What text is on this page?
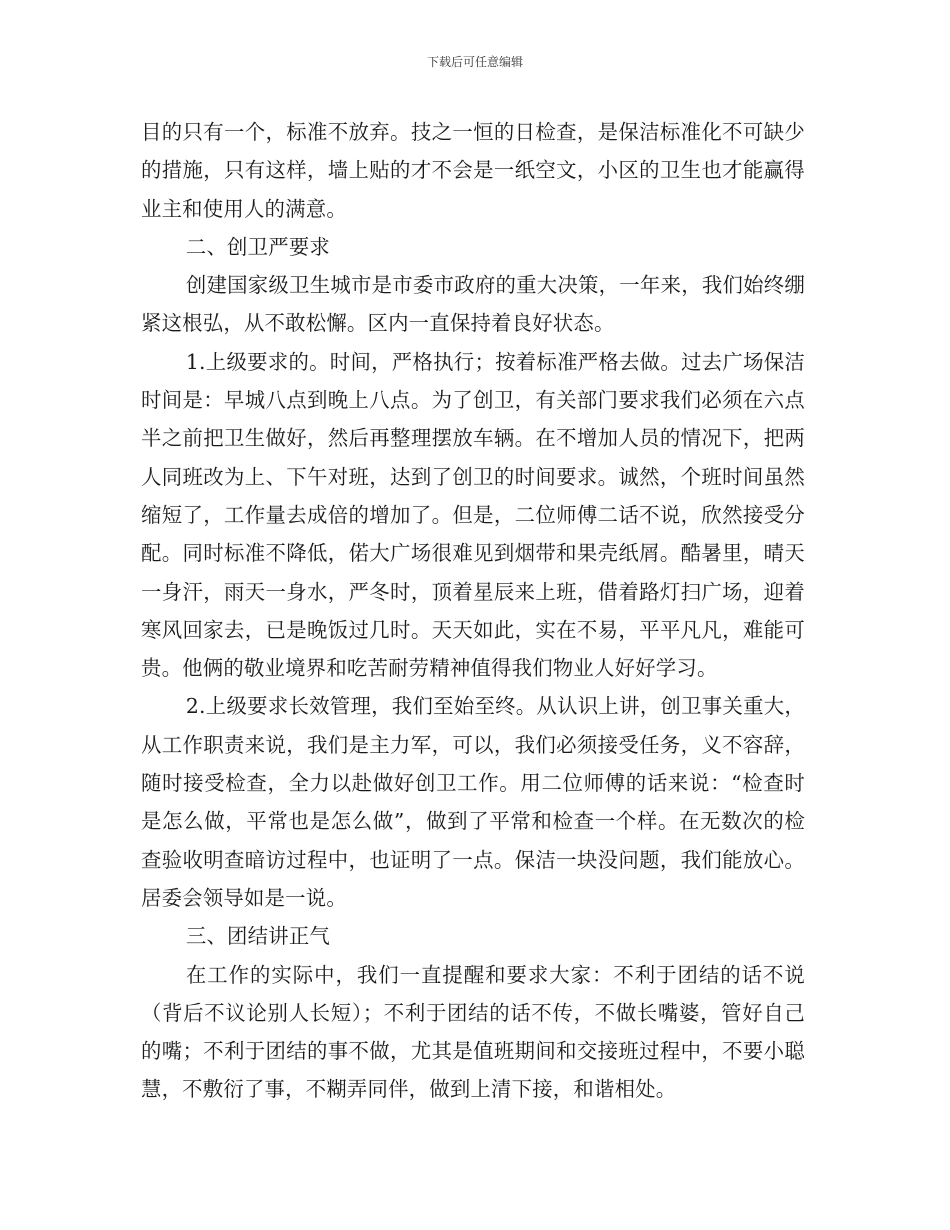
下载后可任意编辑

目的只有一个，标准不放弃。技之一恒的日检查，是保洁标准化不可缺少的措施，只有这样，墙上贴的才不会是一纸空文，小区的卫生也才能赢得业主和使用人的满意。

二、创卫严要求

创建国家级卫生城市是市委市政府的重大决策，一年来，我们始终绷紧这根弘，从不敢松懈。区内一直保持着良好状态。

1.上级要求的。时间，严格执行；按着标准严格去做。过去广场保洁时间是：早城八点到晚上八点。为了创卫，有关部门要求我们必须在六点半之前把卫生做好，然后再整理摆放车辆。在不增加人员的情况下，把两人同班改为上、下午对班，达到了创卫的时间要求。诚然，个班时间虽然缩短了，工作量去成倍的增加了。但是，二位师傅二话不说，欣然接受分配。同时标准不降低，偌大广场很难见到烟带和果壳纸屑。酷暑里，晴天一身汗，雨天一身水，严冬时，顶着星辰来上班，借着路灯扫广场，迎着寒风回家去，已是晚饭过几时。天天如此，实在不易，平平凡凡，难能可贵。他俩的敬业境界和吃苦耐劳精神值得我们物业人好好学习。

2.上级要求长效管理，我们至始至终。从认识上讲，创卫事关重大，从工作职责来说，我们是主力军，可以，我们必须接受任务，义不容辞，随时接受检查，全力以赴做好创卫工作。用二位师傅的话来说：“检查时是怎么做，平常也是怎么做”，做到了平常和检查一个样。在无数次的检查验收明查暗访过程中，也证明了一点。保洁一块没问题，我们能放心。居委会领导如是一说。

三、团结讲正气

在工作的实际中，我们一直提醒和要求大家：不利于团结的话不说（背后不议论别人长短）；不利于团结的话不传，不做长嘴婆，管好自己的嘴；不利于团结的事不做，尤其是值班期间和交接班过程中，不要小聪慧，不敷衍了事，不糊弄同伴，做到上清下接，和谐相处。
